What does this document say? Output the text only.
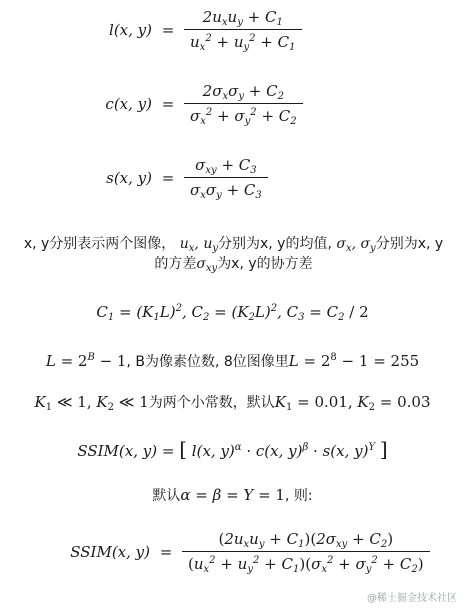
l(x, $y) = \frac{2u_xu_y + C_1}{u_x^2 + u_y^2 + C_1}$
c(x, $y) = \frac{2\sigma_x\sigma_y + C_2}{\sigma_x^2 + \sigma_y^2 + C_2}$
s(x, $y) = \frac{\sigma_{xy} + C_3}{\sigma_x\sigma_y + C_3}$
x, y分别表示两个图像， $u_x$, $u_y$分别为x, y的均值, $\sigma_x$, $\sigma_y$分别为x, y
的方差$\sigma_{xy}$为x, y的协方差
$C_1 = (K_1L)^2$, $C_2 = (K_2L)^2$, $C_3 = C_2 / 2$
$L = 2^B - 1$, B为像素位数, 8位图像里$L = 2^8 - 1 = 255$
$K_1$ ≪ 1, $K_2$ ≪ 1为两个小常数，默认$K_1 = 0.01$, $K_2 = 0.03$
SSIM(x, y) = [ l(x, y)$^\alpha$ · c(x, y)$^\beta$ · s(x, y)$^\Upsilon$ ]
默认α = β = Υ = 1, 则:
SSIM(x, $y) = \frac{(2u_xu_y + C_1)(2\sigma_{xy} + C_2)}{(u_x^2 + u_y^2 + C_1)(\sigma_x^2 + \sigma_y^2 + C_2)}$
@稀土掘金技术社区
